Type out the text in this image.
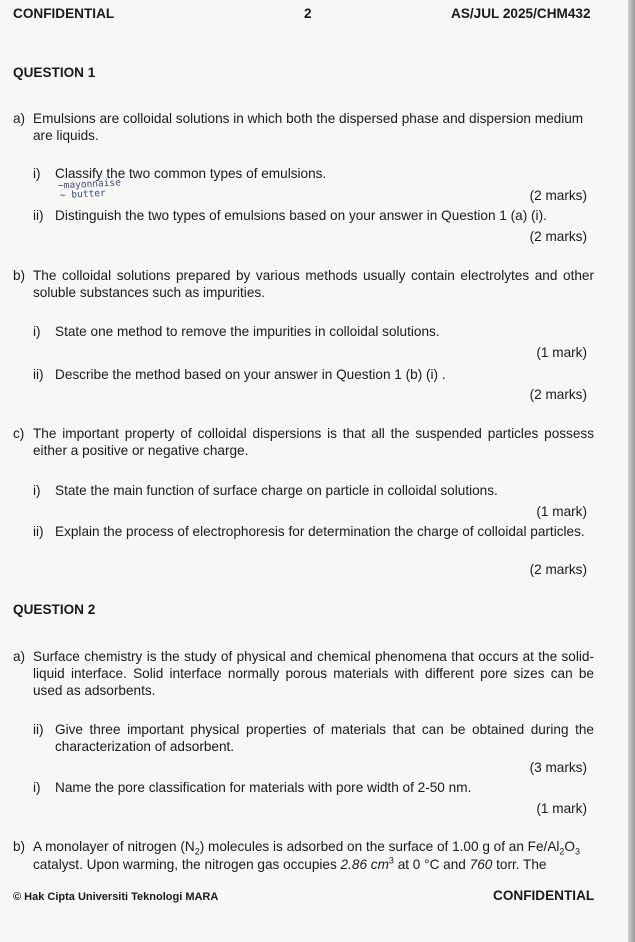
CONFIDENTIAL	2	AS/JUL 2025/CHM432
QUESTION 1
a) Emulsions are colloidal solutions in which both the dispersed phase and dispersion medium are liquids.
i) Classify the two common types of emulsions.
~mayonnaise
~ butter	(2 marks)
ii) Distinguish the two types of emulsions based on your answer in Question 1 (a) (i).
(2 marks)
b) The colloidal solutions prepared by various methods usually contain electrolytes and other soluble substances such as impurities.
i) State one method to remove the impurities in colloidal solutions.
(1 mark)
ii) Describe the method based on your answer in Question 1 (b) (i) .
(2 marks)
c) The important property of colloidal dispersions is that all the suspended particles possess either a positive or negative charge.
i) State the main function of surface charge on particle in colloidal solutions.
(1 mark)
ii) Explain the process of electrophoresis for determination the charge of colloidal particles.
(2 marks)
QUESTION 2
a) Surface chemistry is the study of physical and chemical phenomena that occurs at the solid-liquid interface. Solid interface normally porous materials with different pore sizes can be used as adsorbents.
ii) Give three important physical properties of materials that can be obtained during the characterization of adsorbent.
(3 marks)
i) Name the pore classification for materials with pore width of 2-50 nm.
(1 mark)
b) A monolayer of nitrogen $(N_2)$ molecules is adsorbed on the surface of 1.00 g of an $Fe/Al_2O_3$
catalyst. Upon warming, the nitrogen gas occupies 2.86 $cm^3$ at 0 °C and 760 torr. The
© Hak Cipta Universiti Teknologi MARA	CONFIDENTIAL
